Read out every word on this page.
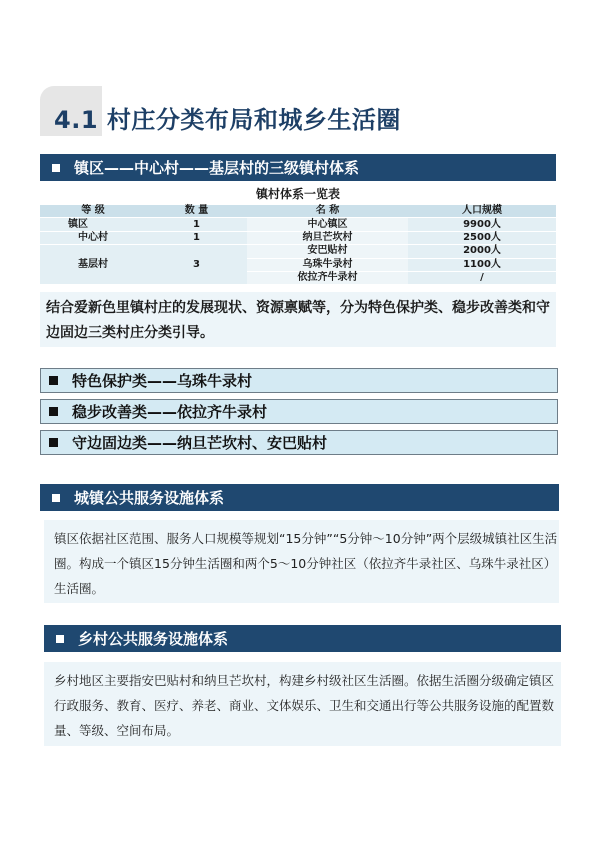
4.1 村庄分类布局和城乡生活圈
镇区——中心村——基层村的三级镇村体系
镇村体系一览表
等 级	数 量	名 称	人口规模
镇区	1	中心镇区	9900人
中心村	1	纳旦芒坎村	2500人
基层村	3	安巴贴村	2000人
		乌珠牛录村	1100人
		依拉齐牛录村	/
结合爱新色里镇村庄的发展现状、资源禀赋等，分为特色保护类、稳步改善类和守边固边三类村庄分类引导。
特色保护类——乌珠牛录村
稳步改善类——依拉齐牛录村
守边固边类——纳旦芒坎村、安巴贴村
城镇公共服务设施体系
镇区依据社区范围、服务人口规模等规划“15分钟”“5分钟～10分钟”两个层级城镇社区生活圈。构成一个镇区15分钟生活圈和两个5～10分钟社区（依拉齐牛录社区、乌珠牛录社区）生活圈。
乡村公共服务设施体系
乡村地区主要指安巴贴村和纳旦芒坎村，构建乡村级社区生活圈。依据生活圈分级确定镇区行政服务、教育、医疗、养老、商业、文体娱乐、卫生和交通出行等公共服务设施的配置数量、等级、空间布局。
